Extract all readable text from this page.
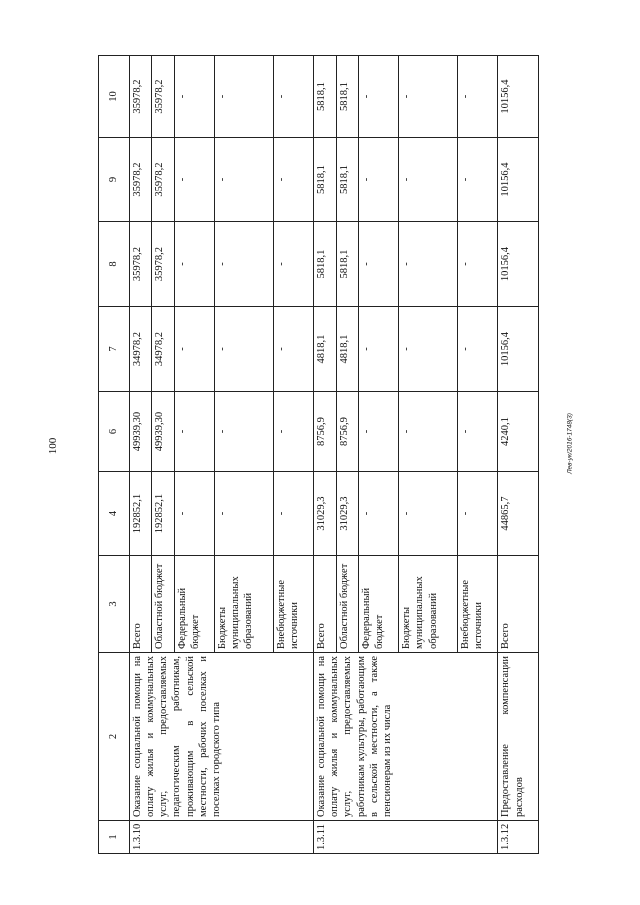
100	Лев-ук/2016-1748(3)
1	2	3	4	6	7	8	9	10
1.3.10	Оказание социальной помощи на оплату жилья и коммунальных услуг, предоставляемых педагогическим работникам, проживающим в сельской местности, рабочих поселках и поселках городского типа	Всего	192852,1	49939,30	34978,2	35978,2	35978,2	35978,2
		Областной бюджет	192852,1	49939,30	34978,2	35978,2	35978,2	35978,2
		Федеральный бюджет	-	-	-	-	-	-
		Бюджеты муниципальных образований	-	-	-	-	-	-
		Внебюджетные источники	-	-	-	-	-	-
1.3.11	Оказание социальной помощи на оплату жилья и коммунальных услуг, предоставляемых работникам культуры, работающим в сельской местности, а также пенсионерам из их числа	Всего	31029,3	8756,9	4818,1	5818,1	5818,1	5818,1
		Областной бюджет	31029,3	8756,9	4818,1	5818,1	5818,1	5818,1
		Федеральный бюджет	-	-	-	-	-	-
		Бюджеты муниципальных образований	-	-	-	-	-	-
		Внебюджетные источники	-	-	-	-	-	-
1.3.12	Предоставление компенсации расходов	Всего	44865,7	4240,1	10156,4	10156,4	10156,4	10156,4
